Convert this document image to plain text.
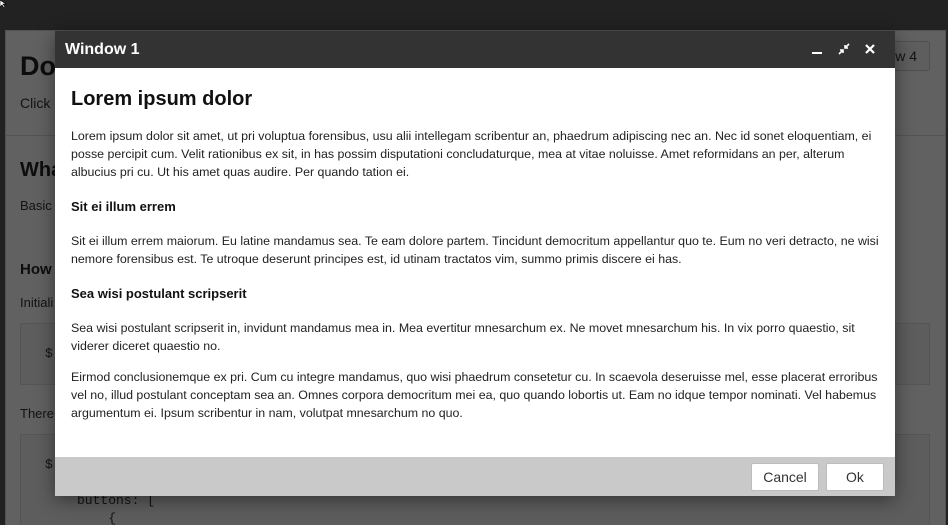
Window 1
Lorem ipsum dolor

Lorem ipsum dolor sit amet, ut pri voluptua forensibus, usu alii intellegam scribentur an, phaedrum adipiscing nec an. Nec id sonet eloquentiam, ei posse percipit cum. Velit rationibus ex sit, in has possim disputationi concludaturque, mea at vitae noluisse. Amet reformidans an per, alterum albucius pri cu. Ut his amet quas audire. Per quando tation ei.

Sit ei illum errem

Sit ei illum errem maiorum. Eu latine mandamus sea. Te eam dolore partem. Tincidunt democritum appellantur quo te. Eum no veri detracto, ne wisi nemore forensibus est. Te utroque deserunt principes est, id utinam tractatos vim, summo primis discere ei has.

Sea wisi postulant scripserit

Sea wisi postulant scripserit in, invidunt mandamus mea in. Mea evertitur mnesarchum ex. Ne movet mnesarchum his. In vix porro quaestio, sit viderer diceret quaestio no.

Eirmod conclusionemque ex pri. Cum cu integre mandamus, quo wisi phaedrum consetetur cu. In scaevola deseruisse mel, esse placerat erroribus vel no, illud postulant conceptam sea an. Omnes corpora democritum mei ea, quo quando lobortis ut. Eam no idque tempor nominati. Vel habemus argumentum ei. Ipsum scribentur in nam, volutpat mnesarchum no quo.

Cancel	Ok
